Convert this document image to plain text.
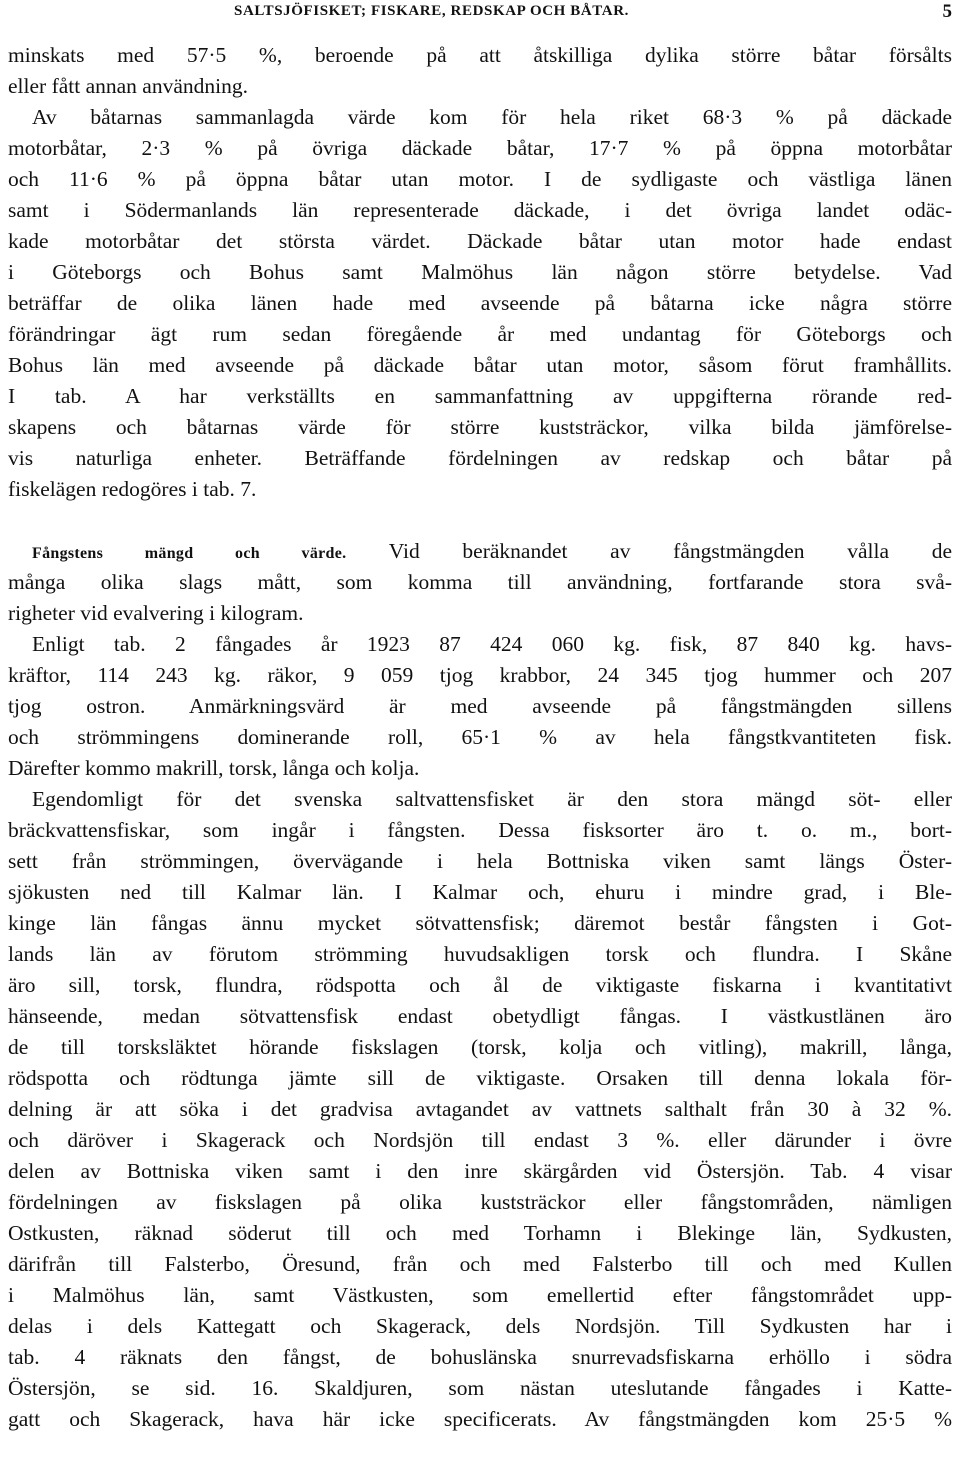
SALTSJÖFISKET; FISKARE, REDSKAP OCH BÅTAR.	5
minskats med 57·5 %, beroende på att åtskilliga dylika större båtar försålts
eller fått annan användning.
Av båtarnas sammanlagda värde kom för hela riket 68·3 % på däckade
motorbåtar, 2·3 % på övriga däckade båtar, 17·7 % på öppna motorbåtar
och 11·6 % på öppna båtar utan motor. I de sydligaste och västliga länen
samt i Södermanlands län representerade däckade, i det övriga landet odäc-
kade motorbåtar det största värdet. Däckade båtar utan motor hade endast
i Göteborgs och Bohus samt Malmöhus län någon större betydelse. Vad
beträffar de olika länen hade med avseende på båtarna icke några större
förändringar ägt rum sedan föregående år med undantag för Göteborgs och
Bohus län med avseende på däckade båtar utan motor, såsom förut framhållits.
I tab. A har verkställts en sammanfattning av uppgifterna rörande red-
skapens och båtarnas värde för större kuststräckor, vilka bilda jämförelse-
vis naturliga enheter. Beträffande fördelningen av redskap och båtar på
fiskelägen redogöres i tab. 7.
Fångstens mängd och värde. Vid beräknandet av fångstmängden vålla de
många olika slags mått, som komma till användning, fortfarande stora svå-
righeter vid evalvering i kilogram.
Enligt tab. 2 fångades år 1923 87 424 060 kg. fisk, 87 840 kg. havs-
kräftor, 114 243 kg. räkor, 9 059 tjog krabbor, 24 345 tjog hummer och 207
tjog ostron. Anmärkningsvärd är med avseende på fångstmängden sillens
och strömmingens dominerande roll, 65·1 % av hela fångstkvantiteten fisk.
Därefter kommo makrill, torsk, långa och kolja.
Egendomligt för det svenska saltvattensfisket är den stora mängd söt- eller
bräckvattensfiskar, som ingår i fångsten. Dessa fisksorter äro t. o. m., bort-
sett från strömmingen, övervägande i hela Bottniska viken samt längs Öster-
sjökusten ned till Kalmar län. I Kalmar och, ehuru i mindre grad, i Ble-
kinge län fångas ännu mycket sötvattensfisk; däremot består fångsten i Got-
lands län av förutom strömming huvudsakligen torsk och flundra. I Skåne
äro sill, torsk, flundra, rödspotta och ål de viktigaste fiskarna i kvantitativt
hänseende, medan sötvattensfisk endast obetydligt fångas. I västkustlänen äro
de till torsksläktet hörande fiskslagen (torsk, kolja och vitling), makrill, långa,
rödspotta och rödtunga jämte sill de viktigaste. Orsaken till denna lokala för-
delning är att söka i det gradvisa avtagandet av vattnets salthalt från 30 à 32 %.
och däröver i Skagerack och Nordsjön till endast 3 %. eller därunder i övre
delen av Bottniska viken samt i den inre skärgården vid Östersjön. Tab. 4 visar
fördelningen av fiskslagen på olika kuststräckor eller fångstområden, nämligen
Ostkusten, räknad söderut till och med Torhamn i Blekinge län, Sydkusten,
därifrån till Falsterbo, Öresund, från och med Falsterbo till och med Kullen
i Malmöhus län, samt Västkusten, som emellertid efter fångstområdet upp-
delas i dels Kattegatt och Skagerack, dels Nordsjön. Till Sydkusten har i
tab. 4 räknats den fångst, de bohuslänska snurrevadsfiskarna erhöllo i södra
Östersjön, se sid. 16. Skaldjuren, som nästan uteslutande fångades i Katte-
gatt och Skagerack, hava här icke specificerats. Av fångstmängden kom 25·5 %
